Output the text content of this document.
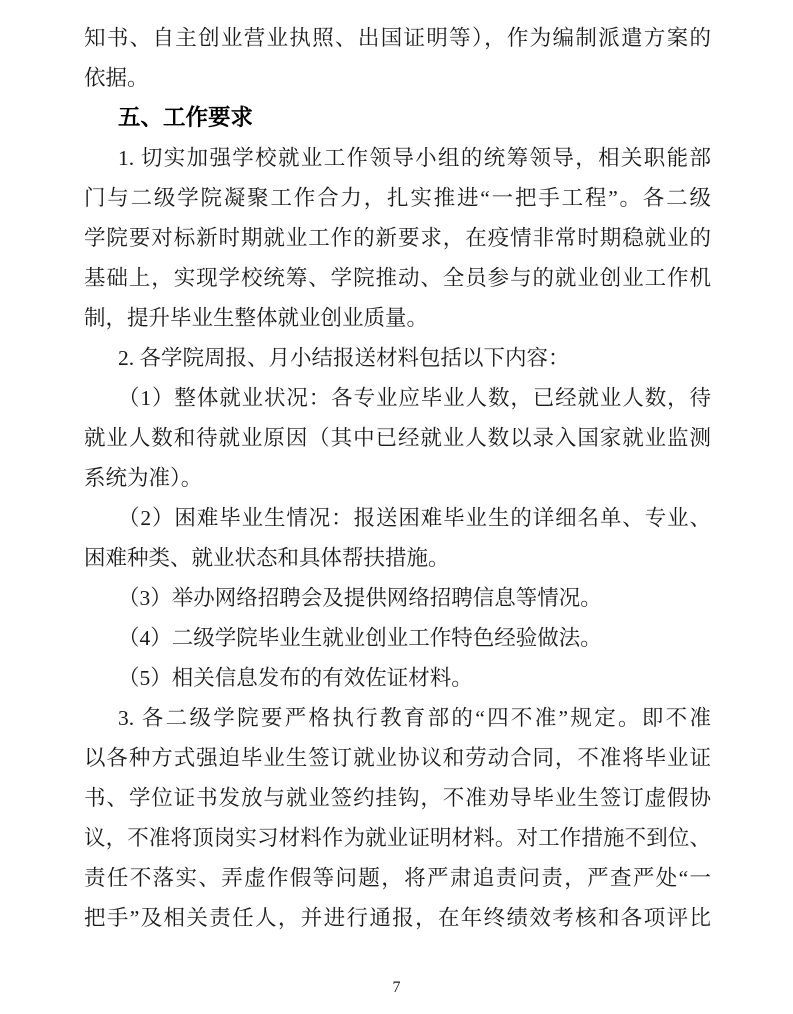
知书、自主创业营业执照、出国证明等），作为编制派遣方案的

依据。

五、工作要求

1. 切实加强学校就业工作领导小组的统筹领导，相关职能部

门与二级学院凝聚工作合力，扎实推进“一把手工程”。各二级

学院要对标新时期就业工作的新要求，在疫情非常时期稳就业的

基础上，实现学校统筹、学院推动、全员参与的就业创业工作机

制，提升毕业生整体就业创业质量。

2. 各学院周报、月小结报送材料包括以下内容：

（1）整体就业状况：各专业应毕业人数，已经就业人数，待

就业人数和待就业原因（其中已经就业人数以录入国家就业监测

系统为准）。

（2）困难毕业生情况：报送困难毕业生的详细名单、专业、

困难种类、就业状态和具体帮扶措施。

（3）举办网络招聘会及提供网络招聘信息等情况。

（4）二级学院毕业生就业创业工作特色经验做法。

（5）相关信息发布的有效佐证材料。

3. 各二级学院要严格执行教育部的“四不准”规定。即不准

以各种方式强迫毕业生签订就业协议和劳动合同，不准将毕业证

书、学位证书发放与就业签约挂钩，不准劝导毕业生签订虚假协

议，不准将顶岗实习材料作为就业证明材料。对工作措施不到位、

责任不落实、弄虚作假等问题，将严肃追责问责，严查严处“一

把手”及相关责任人，并进行通报，在年终绩效考核和各项评比

7
